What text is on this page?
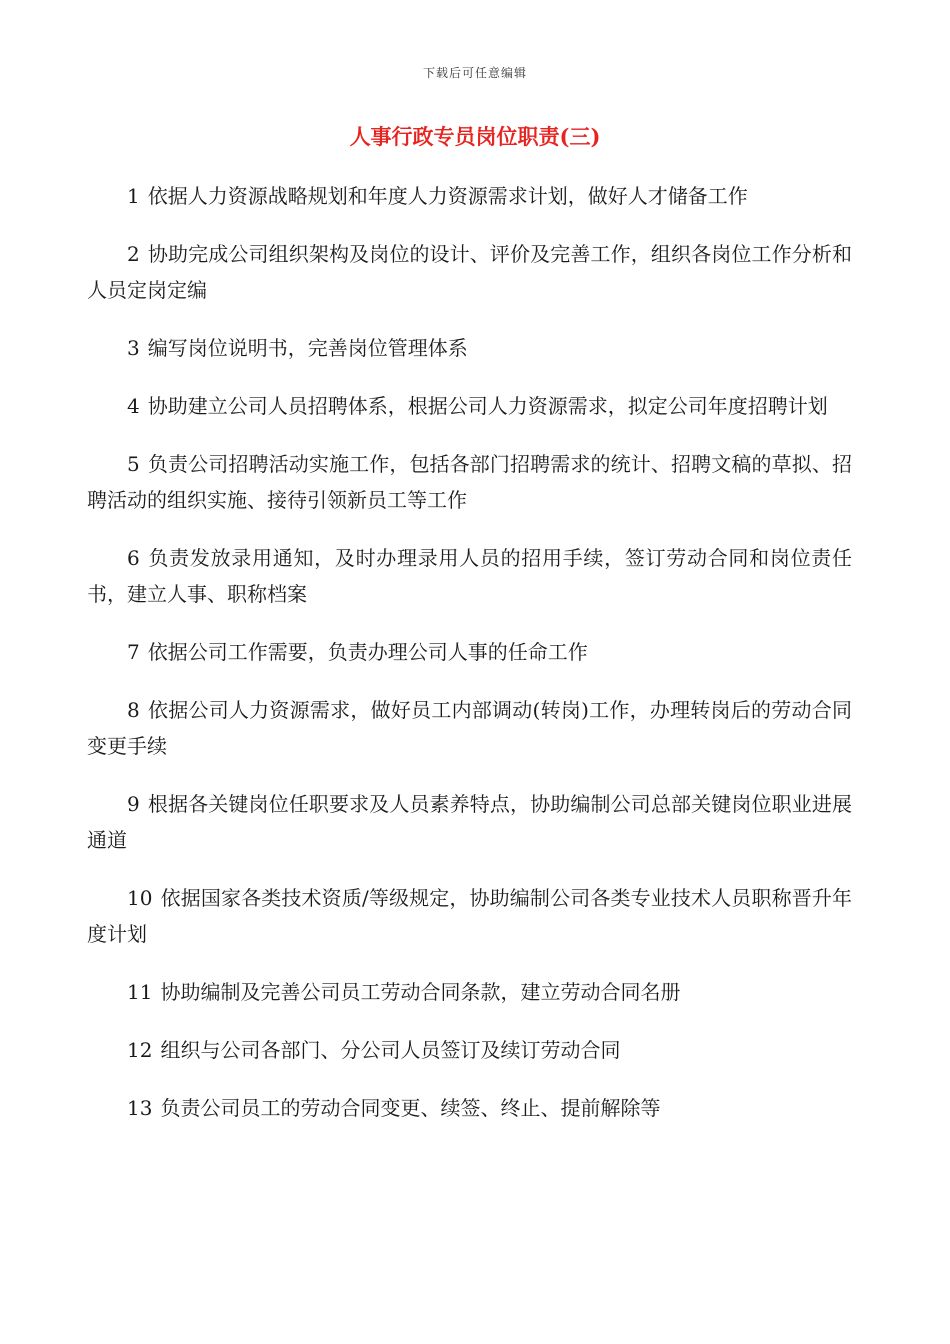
下载后可任意编辑
人事行政专员岗位职责(三)

1 依据人力资源战略规划和年度人力资源需求计划，做好人才储备工作

2 协助完成公司组织架构及岗位的设计、评价及完善工作，组织各岗位工作分析和人员定岗定编

3 编写岗位说明书，完善岗位管理体系

4 协助建立公司人员招聘体系，根据公司人力资源需求，拟定公司年度招聘计划

5 负责公司招聘活动实施工作，包括各部门招聘需求的统计、招聘文稿的草拟、招聘活动的组织实施、接待引领新员工等工作

6 负责发放录用通知，及时办理录用人员的招用手续，签订劳动合同和岗位责任书，建立人事、职称档案

7 依据公司工作需要，负责办理公司人事的任命工作

8 依据公司人力资源需求，做好员工内部调动(转岗)工作，办理转岗后的劳动合同变更手续

9 根据各关键岗位任职要求及人员素养特点，协助编制公司总部关键岗位职业进展通道

10 依据国家各类技术资质/等级规定，协助编制公司各类专业技术人员职称晋升年度计划

11 协助编制及完善公司员工劳动合同条款，建立劳动合同名册

12 组织与公司各部门、分公司人员签订及续订劳动合同

13 负责公司员工的劳动合同变更、续签、终止、提前解除等
